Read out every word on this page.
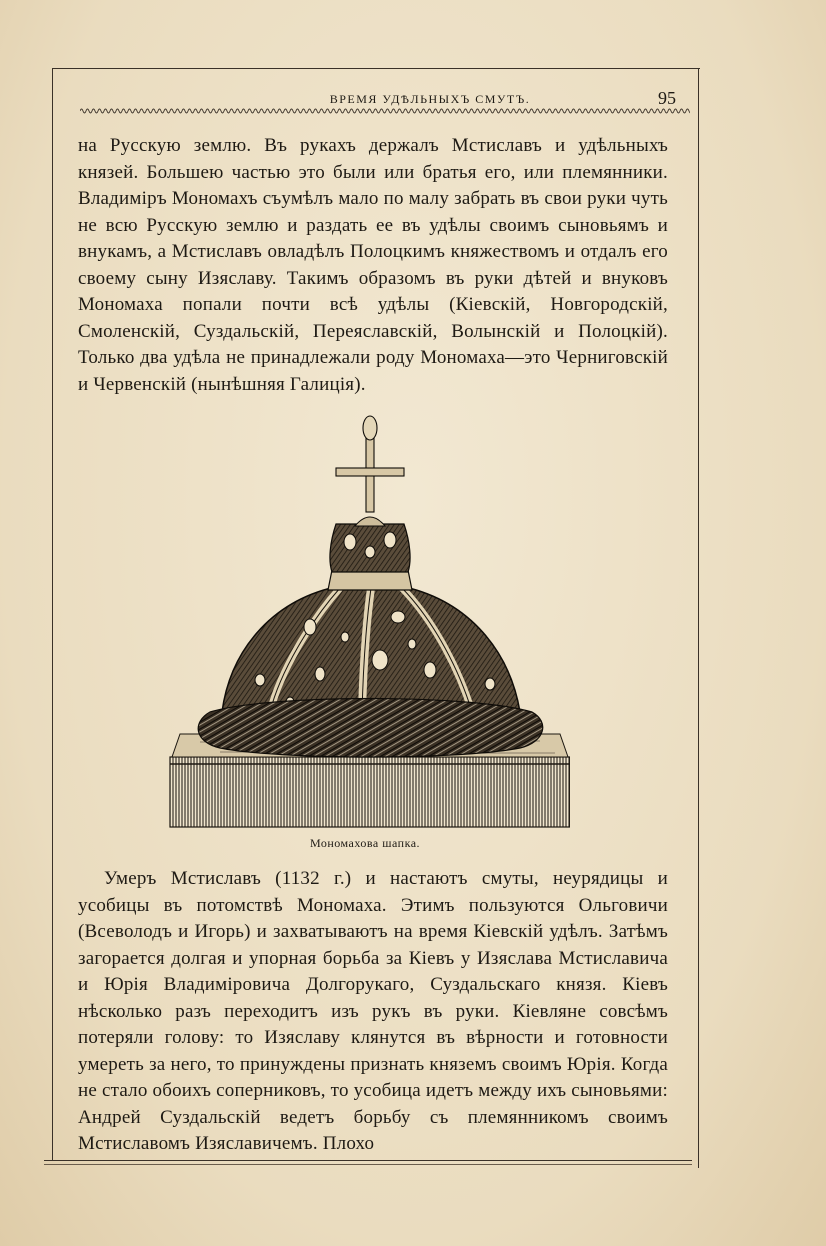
ВРЕМЯ УДѢЛЬНЫХЪ СМУТЪ.	95
на Русскую землю. Въ рукахъ держалъ Мстиславъ и удѣльныхъ князей. Большею частью это были или братья его, или племянники. Владиміръ Мономахъ съумѣлъ мало по малу забрать въ свои руки чуть не всю Русскую землю и раздать ее въ удѣлы своимъ сыновьямъ и внукамъ, а Мстиславъ овладѣлъ Полоцкимъ княжествомъ и отдалъ его своему сыну Изяславу. Такимъ образомъ въ руки дѣтей и внуковъ Мономаха попали почти всѣ удѣлы (Кіевскій, Новгородскій, Смоленскій, Суздальскій, Переяславскій, Волынскій и Полоцкій). Только два удѣла не принадлежали роду Мономаха—это Черниговскій и Червенскій (нынѣшняя Галиція).
Мономахова шапка.
Умеръ Мстиславъ (1132 г.) и настаютъ смуты, неурядицы и усобицы въ потомствѣ Мономаха. Этимъ пользуются Ольговичи (Всеволодъ и Игорь) и захватываютъ на время Кіевскій удѣлъ. Затѣмъ загорается долгая и упорная борьба за Кіевъ у Изяслава Мстиславича и Юрія Владиміровича Долгорукаго, Суздальскаго князя. Кіевъ нѣсколько разъ переходитъ изъ рукъ въ руки. Кіевляне совсѣмъ потеряли голову: то Изяславу клянутся въ вѣрности и готовности умереть за него, то принуждены признать княземъ своимъ Юрія. Когда не стало обоихъ соперниковъ, то усобица идетъ между ихъ сыновьями: Андрей Суздальскій ведетъ борьбу съ племянникомъ своимъ Мстиславомъ Изяславичемъ. Плохо
